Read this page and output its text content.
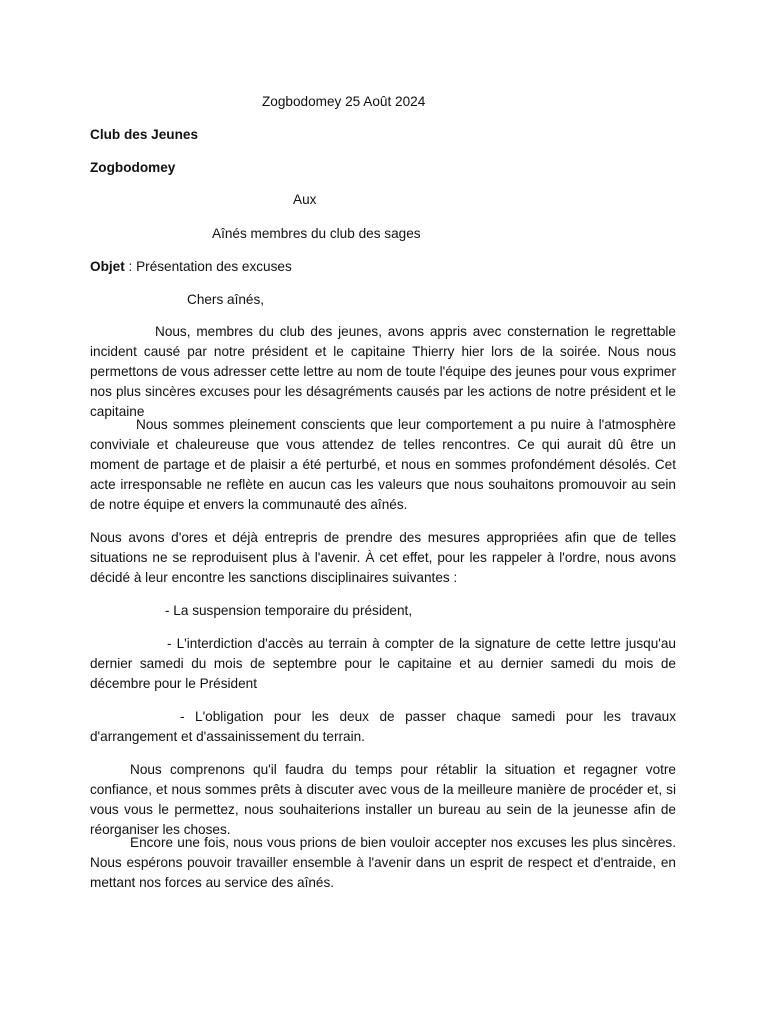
Zogbodomey 25 Août 2024
Club des Jeunes
Zogbodomey
Aux
Aînés membres du club des sages
Objet : Présentation des excuses
Chers aînés,
Nous, membres du club des jeunes, avons appris avec consternation le regrettable incident causé par notre président et le capitaine Thierry hier lors de la soirée. Nous nous permettons de vous adresser cette lettre au nom de toute l'équipe des jeunes pour vous exprimer nos plus sincères excuses pour les désagréments causés par les actions de notre président et le capitaine
Nous sommes pleinement conscients que leur comportement a pu nuire à l'atmosphère conviviale et chaleureuse que vous attendez de telles rencontres. Ce qui aurait dû être un moment de partage et de plaisir a été perturbé, et nous en sommes profondément désolés. Cet acte irresponsable ne reflète en aucun cas les valeurs que nous souhaitons promouvoir au sein de notre équipe et envers la communauté des aînés.
Nous avons d'ores et déjà entrepris de prendre des mesures appropriées afin que de telles situations ne se reproduisent plus à l'avenir. À cet effet, pour les rappeler à l'ordre, nous avons décidé à leur encontre les sanctions disciplinaires suivantes :
- La suspension temporaire du président,
- L'interdiction d'accès au terrain à compter de la signature de cette lettre jusqu'au dernier samedi du mois de septembre pour le capitaine et au dernier samedi du mois de décembre pour le Président
- L'obligation pour les deux de passer chaque samedi pour les travaux d'arrangement et d'assainissement du terrain.
Nous comprenons qu'il faudra du temps pour rétablir la situation et regagner votre confiance, et nous sommes prêts à discuter avec vous de la meilleure manière de procéder et, si vous vous le permettez, nous souhaiterions installer un bureau au sein de la jeunesse afin de réorganiser les choses.
Encore une fois, nous vous prions de bien vouloir accepter nos excuses les plus sincères. Nous espérons pouvoir travailler ensemble à l'avenir dans un esprit de respect et d'entraide, en mettant nos forces au service des aînés.
